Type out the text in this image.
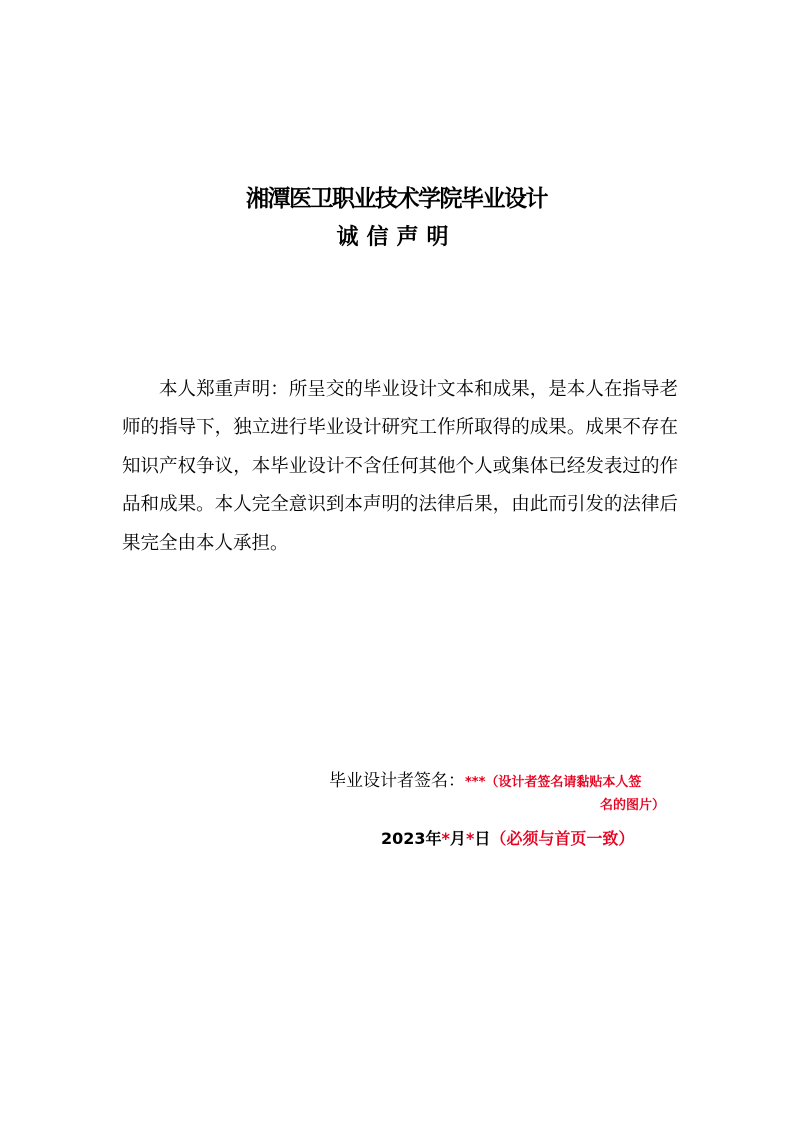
湘潭医卫职业技术学院毕业设计
诚信声明

本人郑重声明：所呈交的毕业设计文本和成果，是本人在指导老师的指导下，独立进行毕业设计研究工作所取得的成果。成果不存在知识产权争议，本毕业设计不含任何其他个人或集体已经发表过的作品和成果。本人完全意识到本声明的法律后果，由此而引发的法律后果完全由本人承担。

毕业设计者签名：***（设计者签名请黏贴本人签
名的图片）
2023年*月*日（必须与首页一致）
